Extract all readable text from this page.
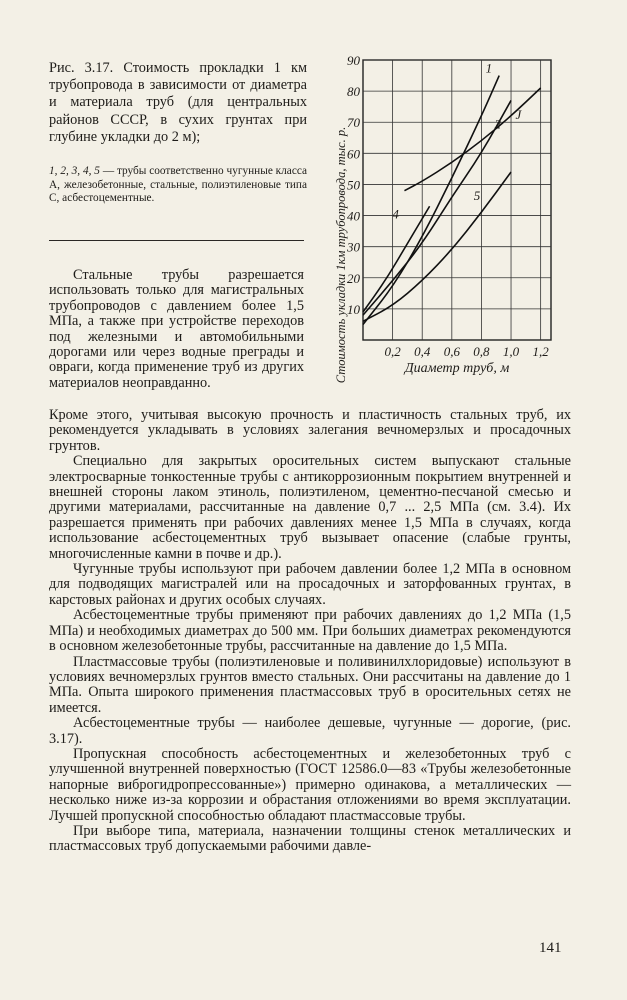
Рис. 3.17. Стоимость прокладки 1 км трубопровода в зависимости от диаметра и материала труб (для центральных районов СССР, в сухих грунтах при глубине укладки до 2 м);
1, 2, 3, 4, 5 — трубы соответственно чугунные класса А, железобетонные, стальные, полиэтиленовые типа С, асбестоцементные.
1
2
J
4
5
10
20
30
40
50
60
70
80
90
0,2 0,4 0,6 0,8 1,0 1,2
Стоимость укладки 1км трубопровода, тыс. р.	Диаметр труб, м

Стальные трубы разрешается использовать только для магистральных трубопроводов с давлением более 1,5 МПа, а также при устройстве переходов под железными и автомобильными дорогами или через водные преграды и овраги, когда применение труб из других материалов неоправданно.

Кроме этого, учитывая высокую прочность и пластичность стальных труб, их рекомендуется укладывать в условиях залегания вечномерзлых и просадочных грунтов.

Специально для закрытых оросительных систем выпускают стальные электросварные тонкостенные трубы с антикоррозионным покрытием внутренней и внешней стороны лаком этиноль, полиэтиленом, цементно-песчаной смесью и другими материалами, рассчитанные на давление 0,7 ... 2,5 МПа (см. 3.4). Их разрешается применять при рабочих давлениях менее 1,5 МПа в случаях, когда использование асбестоцементных труб вызывает опасение (слабые грунты, многочисленные камни в почве и др.).

Чугунные трубы используют при рабочем давлении более 1,2 МПа в основном для подводящих магистралей или на просадочных и заторфованных грунтах, в карстовых районах и других особых случаях.

Асбестоцементные трубы применяют при рабочих давлениях до 1,2 МПа (1,5 МПа) и необходимых диаметрах до 500 мм. При больших диаметрах рекомендуются в основном железобетонные трубы, рассчитанные на давление до 1,5 МПа.

Пластмассовые трубы (полиэтиленовые и поливинилхлоридовые) используют в условиях вечномерзлых грунтов вместо стальных. Они рассчитаны на давление до 1 МПа. Опыта широкого применения пластмассовых труб в оросительных сетях не имеется.

Асбестоцементные трубы — наиболее дешевые, чугунные — дорогие, (рис. 3.17).

Пропускная способность асбестоцементных и железобетонных труб с улучшенной внутренней поверхностью (ГОСТ 12586.0—83 «Трубы железобетонные напорные виброгидропрессованные») примерно одинакова, а металлических — несколько ниже из-за коррозии и обрастания отложениями во время эксплуатации. Лучшей пропускной способностью обладают пластмассовые трубы.

При выборе типа, материала, назначении толщины стенок металлических и пластмассовых труб допускаемыми рабочими давле-

141
